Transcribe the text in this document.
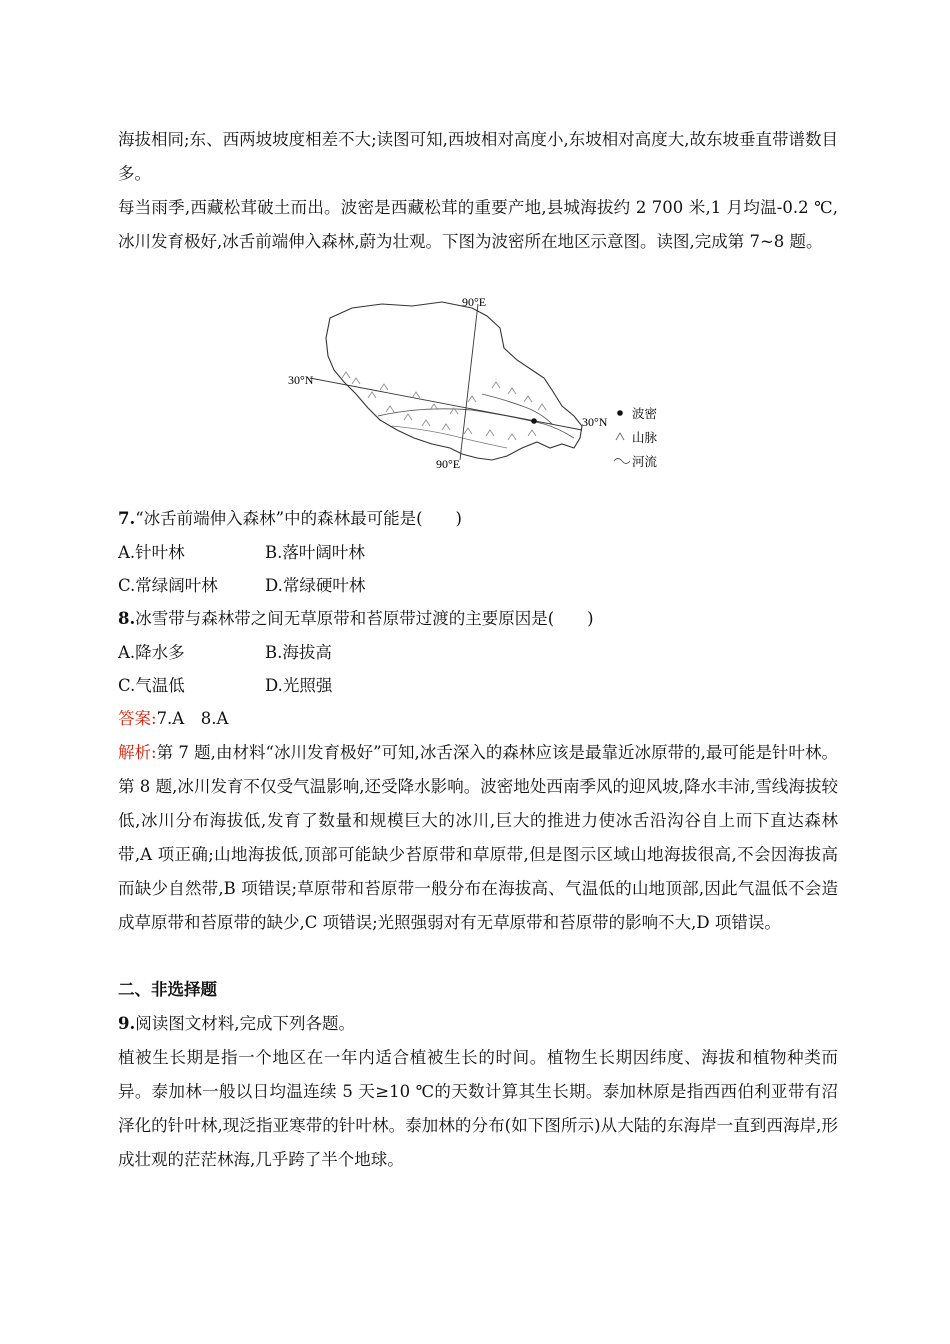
海拔相同;东、西两坡坡度相差不大;读图可知,西坡相对高度小,东坡相对高度大,故东坡垂直带谱数目多。
每当雨季,西藏松茸破土而出。波密是西藏松茸的重要产地,县城海拔约 2 700 米,1 月均温-0.2 ℃,冰川发育极好,冰舌前端伸入森林,蔚为壮观。下图为波密所在地区示意图。读图,完成第 7~8 题。
90°E
90°E
30°N
30°N
波密
山脉
河流
7.“冰舌前端伸入森林”中的森林最可能是(　　)
A.针叶林	B.落叶阔叶林
C.常绿阔叶林	D.常绿硬叶林
8.冰雪带与森林带之间无草原带和苔原带过渡的主要原因是(　　)
A.降水多	B.海拔高
C.气温低	D.光照强
答案:7.A　8.A
解析:第 7 题,由材料“冰川发育极好”可知,冰舌深入的森林应该是最靠近冰原带的,最可能是针叶林。第 8 题,冰川发育不仅受气温影响,还受降水影响。波密地处西南季风的迎风坡,降水丰沛,雪线海拔较低,冰川分布海拔低,发育了数量和规模巨大的冰川,巨大的推进力使冰舌沿沟谷自上而下直达森林带,A 项正确;山地海拔低,顶部可能缺少苔原带和草原带,但是图示区域山地海拔很高,不会因海拔高而缺少自然带,B 项错误;草原带和苔原带一般分布在海拔高、气温低的山地顶部,因此气温低不会造成草原带和苔原带的缺少,C 项错误;光照强弱对有无草原带和苔原带的影响不大,D 项错误。
二、非选择题
9.阅读图文材料,完成下列各题。
植被生长期是指一个地区在一年内适合植被生长的时间。植物生长期因纬度、海拔和植物种类而异。泰加林一般以日均温连续 5 天≥10 ℃的天数计算其生长期。泰加林原是指西西伯利亚带有沼泽化的针叶林,现泛指亚寒带的针叶林。泰加林的分布(如下图所示)从大陆的东海岸一直到西海岸,形成壮观的茫茫林海,几乎跨了半个地球。
